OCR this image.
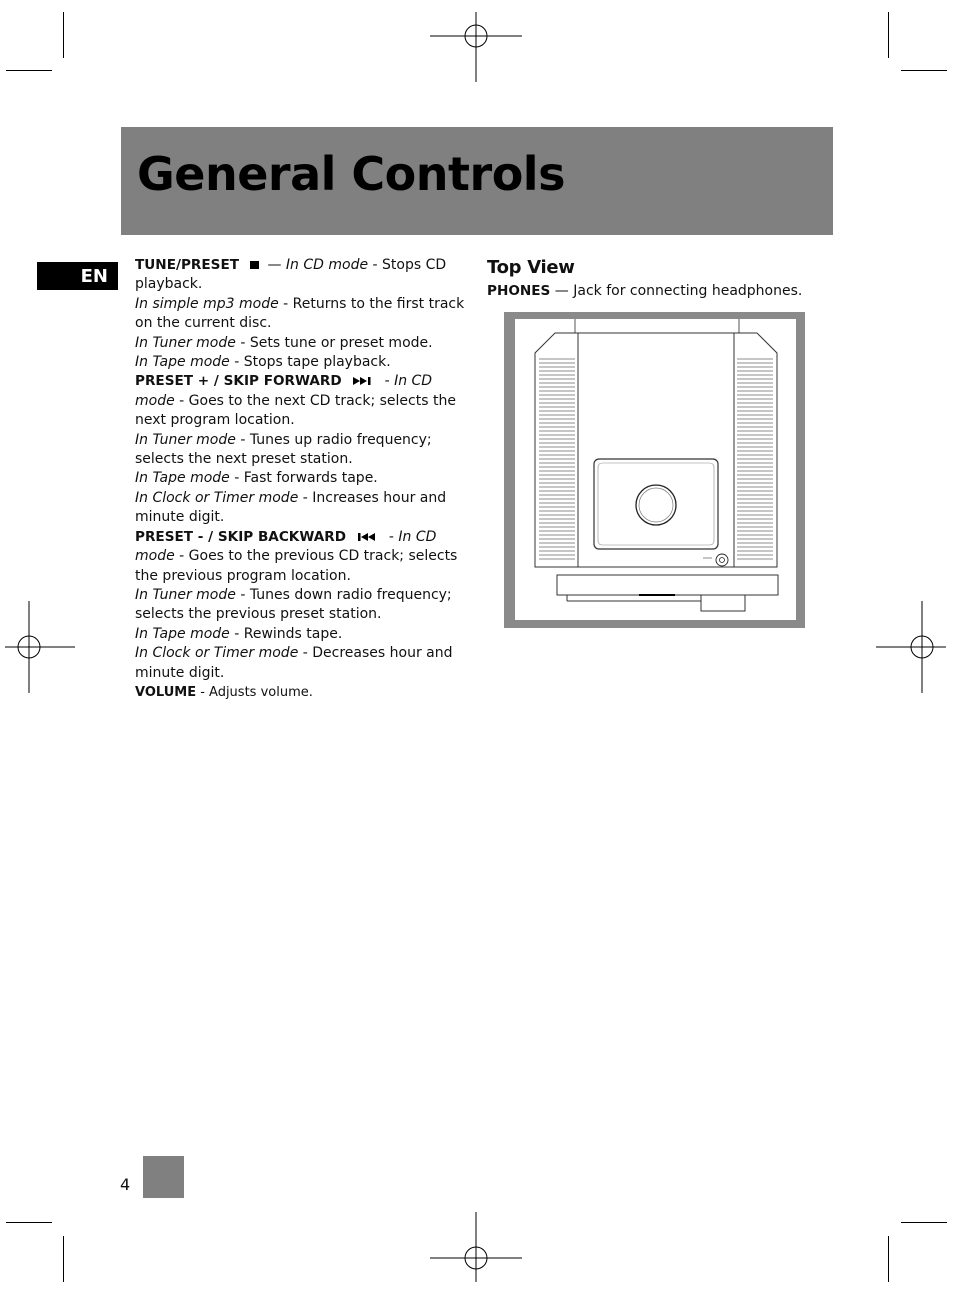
General Controls
EN

TUNE/PRESET — In CD mode - Stops CD playback.

In simple mp3 mode - Returns to the first track on the current disc.

In Tuner mode - Sets tune or preset mode.

In Tape mode - Stops tape playback.

PRESET + / SKIP FORWARD	- In CD mode - Goes to the next CD track; selects the next program location.

In Tuner mode - Tunes up radio frequency; selects the next preset station.

In Tape mode - Fast forwards tape.

In Clock or Timer mode - Increases hour and minute digit.

PRESET - / SKIP BACKWARD	- In CD mode - Goes to the previous CD track; selects the previous program location.

In Tuner mode - Tunes down radio frequency; selects the previous preset station.

In Tape mode - Rewinds tape.

In Clock or Timer mode - Decreases hour and minute digit.

VOLUME - Adjusts volume.

Top View

PHONES — Jack for connecting headphones.

4
